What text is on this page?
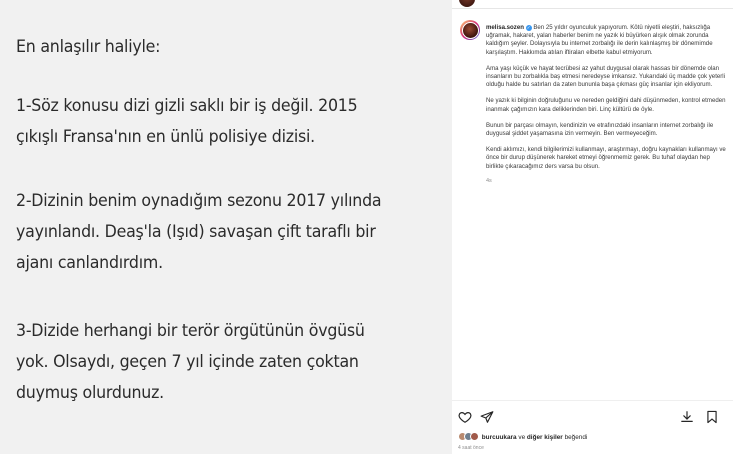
En anlaşılır haliyle:

1-Söz konusu dizi gizli saklı bir iş değil. 2015
çıkışlı Fransa'nın en ünlü polisiye dizisi.

2-Dizinin benim oynadığım sezonu 2017 yılında
yayınlandı. Deaş'la (Işıd) savaşan çift taraflı bir
ajanı canlandırdım.

3-Dizide herhangi bir terör örgütünün övgüsü
yok. Olsaydı, geçen 7 yıl içinde zaten çoktan
duymuş olurdunuz.

melisa.sozen ✓ Ben 25 yıldır oyunculuk yapıyorum. Kötü niyetli eleştiri, haksızlığa uğramak, hakaret, yalan haberler benim ne yazık ki büyürken alışık olmak zorunda kaldığım şeyler. Dolayısıyla bu internet zorbalığı ile derin kalınlaşmış bir dönemimde karşılaştım. Hakkımda atılan iftiraları elbette kabul etmiyorum.

Ama yaşı küçük ve hayat tecrübesi az yahut duygusal olarak hassas bir dönemde olan insanların bu zorbalıkla baş etmesi neredeyse imkansız. Yukarıdaki üç madde çok yeterli olduğu halde bu satırları da zaten bununla başa çıkması güç insanlar için ekliyorum.

Ne yazık ki bilginin doğruluğunu ve nereden geldiğini dahi düşünmeden, kontrol etmeden inanmak çağımızın kara deliklerinden biri. Linç kültürü de öyle.

Bunun bir parçası olmayın, kendinizin ve etrafınızdaki insanların internet zorbalığı ile duygusal şiddet yaşamasına izin vermeyin. Ben vermeyeceğim.

Kendi aklımızı, kendi bilgilerimizi kullanmayı, araştırmayı, doğru kaynakları kullanmayı ve önce bir durup düşünerek hareket etmeyi öğrenmemiz gerek. Bu tuhaf olaydan hep birlikte çıkaracağımız ders varsa bu olsun.

4s
burcuukara ve diğer kişiler beğendi
4 saat önce
